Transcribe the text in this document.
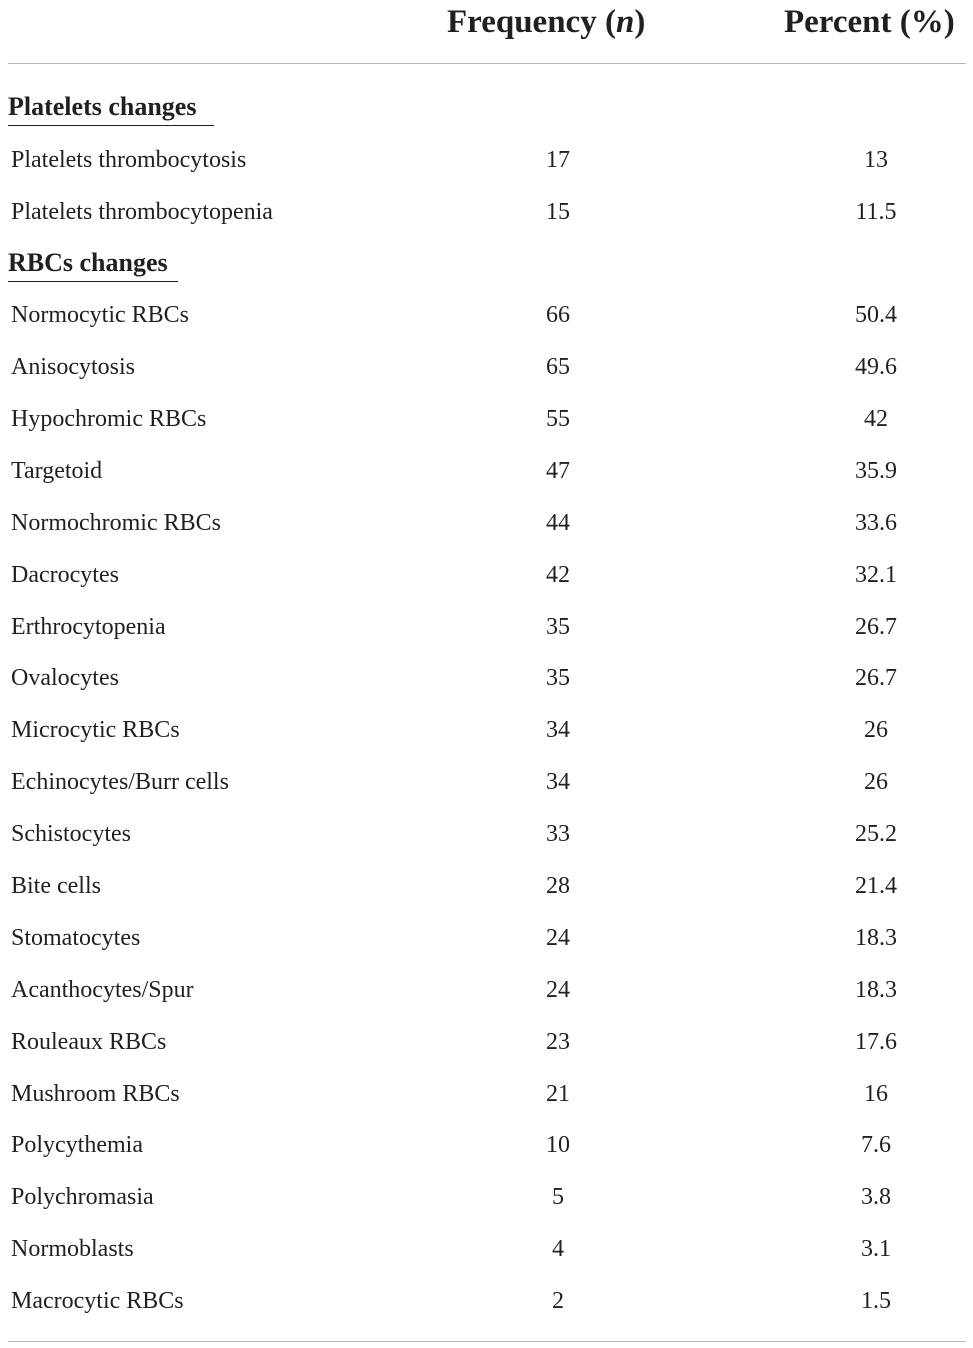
Frequency (n)	Percent (%)
Platelets changes
Platelets thrombocytosis	17	13
Platelets thrombocytopenia	15	11.5
RBCs changes
Normocytic RBCs	66	50.4
Anisocytosis	65	49.6
Hypochromic RBCs	55	42
Targetoid	47	35.9
Normochromic RBCs	44	33.6
Dacrocytes	42	32.1
Erthrocytopenia	35	26.7
Ovalocytes	35	26.7
Microcytic RBCs	34	26
Echinocytes/Burr cells	34	26
Schistocytes	33	25.2
Bite cells	28	21.4
Stomatocytes	24	18.3
Acanthocytes/Spur	24	18.3
Rouleaux RBCs	23	17.6
Mushroom RBCs	21	16
Polycythemia	10	7.6
Polychromasia	5	3.8
Normoblasts	4	3.1
Macrocytic RBCs	2	1.5
